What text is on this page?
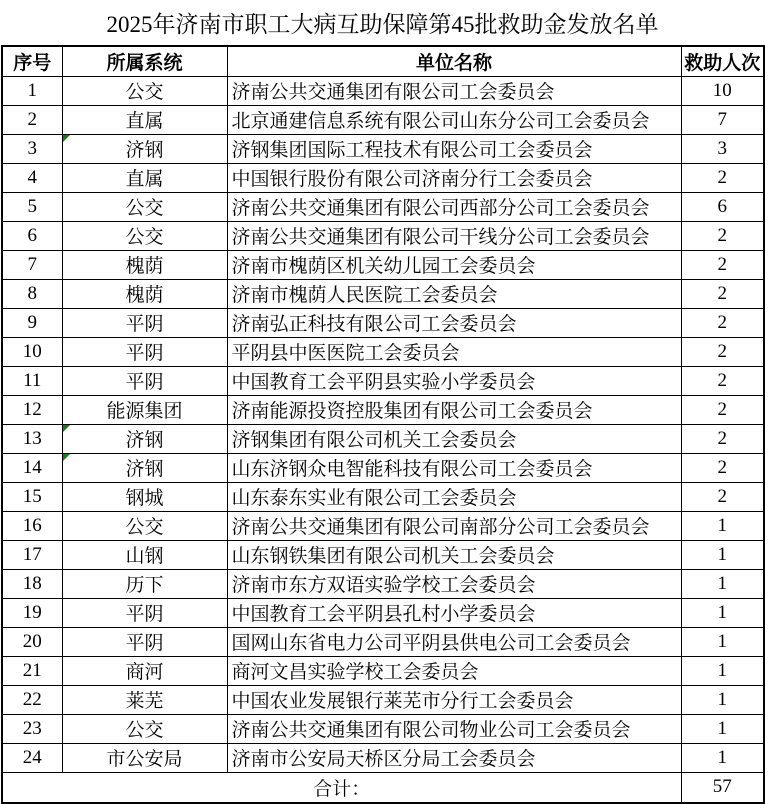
2025年济南市职工大病互助保障第45批救助金发放名单
序号	所属系统	单位名称	救助人次
1	公交	济南公共交通集团有限公司工会委员会	10
2	直属	北京通建信息系统有限公司山东分公司工会委员会	7
3	济钢	济钢集团国际工程技术有限公司工会委员会	3
4	直属	中国银行股份有限公司济南分行工会委员会	2
5	公交	济南公共交通集团有限公司西部分公司工会委员会	6
6	公交	济南公共交通集团有限公司干线分公司工会委员会	2
7	槐荫	济南市槐荫区机关幼儿园工会委员会	2
8	槐荫	济南市槐荫人民医院工会委员会	2
9	平阴	济南弘正科技有限公司工会委员会	2
10	平阴	平阴县中医医院工会委员会	2
11	平阴	中国教育工会平阴县实验小学委员会	2
12	能源集团	济南能源投资控股集团有限公司工会委员会	2
13	济钢	济钢集团有限公司机关工会委员会	2
14	济钢	山东济钢众电智能科技有限公司工会委员会	2
15	钢城	山东泰东实业有限公司工会委员会	2
16	公交	济南公共交通集团有限公司南部分公司工会委员会	1
17	山钢	山东钢铁集团有限公司机关工会委员会	1
18	历下	济南市东方双语实验学校工会委员会	1
19	平阴	中国教育工会平阴县孔村小学委员会	1
20	平阴	国网山东省电力公司平阴县供电公司工会委员会	1
21	商河	商河文昌实验学校工会委员会	1
22	莱芜	中国农业发展银行莱芜市分行工会委员会	1
23	公交	济南公共交通集团有限公司物业公司工会委员会	1
24	市公安局	济南市公安局天桥区分局工会委员会	1
合计：			57
